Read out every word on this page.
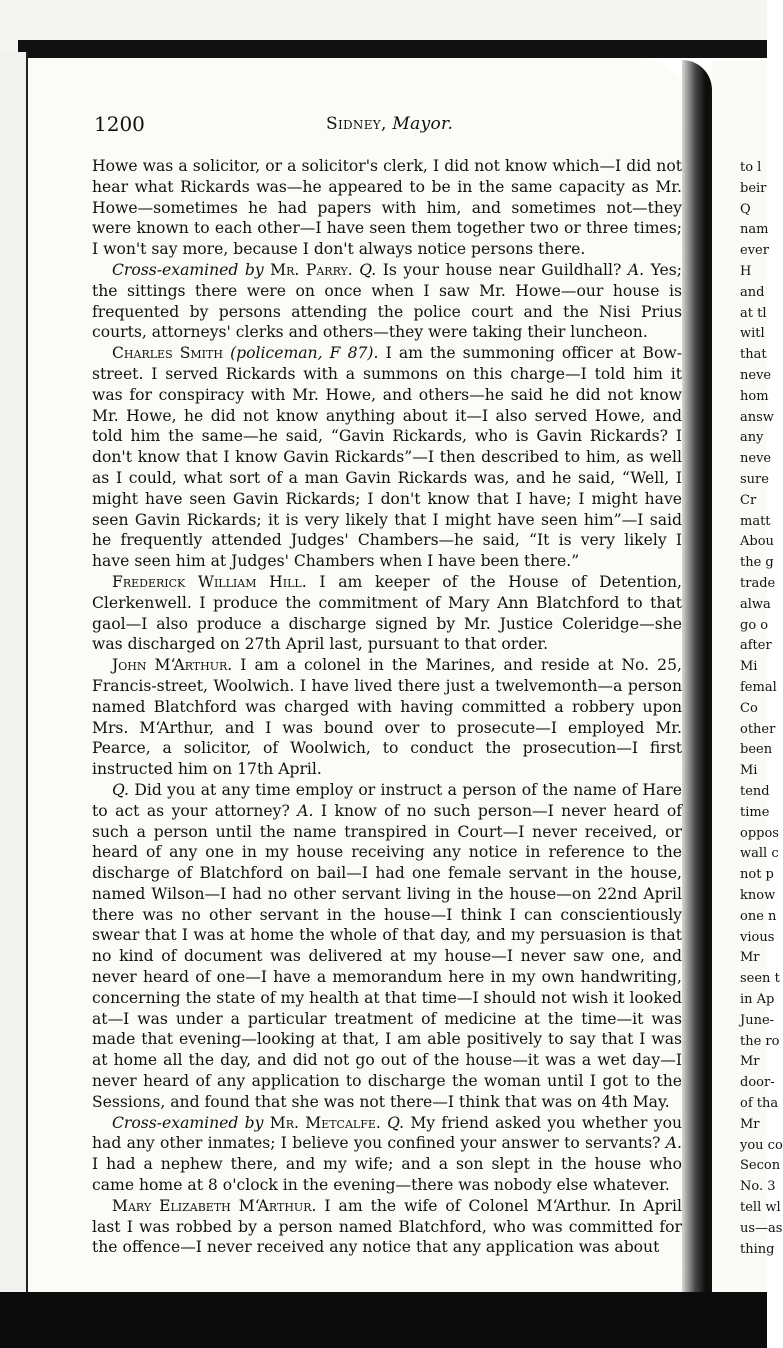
to l
beir
Q
nam
ever
H
and
at tl
witl
that
neve
hom
answ
any
neve
sure
Cr
matt
Abou
the g
trade
alwa
go o
after
Mi
femal
Co
other
been
Mi
tend
time
oppos
wall c
not p
know
one n
vious
Mr
seen t
in Ap
June-
the ro
Mr
door-
of tha
Mr
you co
Secon
No. 3
tell wl
us—as
thing
1200	Sidney, Mayor.

Howe was a solicitor, or a solicitor's clerk, I did not know which—I did not hear what Rickards was—he appeared to be in the same capacity as Mr. Howe—sometimes he had papers with him, and sometimes not—they were known to each other—I have seen them together two or three times; I won't say more, because I don't always notice persons there.

Cross-examined by Mr. Parry. Q. Is your house near Guildhall? A. Yes; the sittings there were on once when I saw Mr. Howe—our house is frequented by persons attending the police court and the Nisi Prius courts, attorneys' clerks and others—they were taking their luncheon.

Charles Smith (policeman, F 87). I am the summoning officer at Bow-street. I served Rickards with a summons on this charge—I told him it was for conspiracy with Mr. Howe, and others—he said he did not know Mr. Howe, he did not know anything about it—I also served Howe, and told him the same—he said, “Gavin Rickards, who is Gavin Rickards? I don't know that I know Gavin Rickards”—I then described to him, as well as I could, what sort of a man Gavin Rickards was, and he said, “Well, I might have seen Gavin Rickards; I don't know that I have; I might have seen Gavin Rickards; it is very likely that I might have seen him”—I said he frequently attended Judges' Chambers—he said, “It is very likely I have seen him at Judges' Chambers when I have been there.”

Frederick William Hill. I am keeper of the House of Detention, Clerkenwell. I produce the commitment of Mary Ann Blatchford to that gaol—I also produce a discharge signed by Mr. Justice Coleridge—she was discharged on 27th April last, pursuant to that order.

John M‘Arthur. I am a colonel in the Marines, and reside at No. 25, Francis-street, Woolwich. I have lived there just a twelvemonth—a person named Blatchford was charged with having committed a robbery upon Mrs. M‘Arthur, and I was bound over to prosecute—I employed Mr. Pearce, a solicitor, of Woolwich, to conduct the prosecution—I first instructed him on 17th April.

Q. Did you at any time employ or instruct a person of the name of Hare to act as your attorney? A. I know of no such person—I never heard of such a person until the name transpired in Court—I never received, or heard of any one in my house receiving any notice in reference to the discharge of Blatchford on bail—I had one female servant in the house, named Wilson—I had no other servant living in the house—on 22nd April there was no other servant in the house—I think I can conscientiously swear that I was at home the whole of that day, and my persuasion is that no kind of document was delivered at my house—I never saw one, and never heard of one—I have a memorandum here in my own handwriting, concerning the state of my health at that time—I should not wish it looked at—I was under a particular treatment of medicine at the time—it was made that evening—looking at that, I am able positively to say that I was at home all the day, and did not go out of the house—it was a wet day—I never heard of any application to discharge the woman until I got to the Sessions, and found that she was not there—I think that was on 4th May.

Cross-examined by Mr. Metcalfe. Q. My friend asked you whether you had any other inmates; I believe you confined your answer to servants? A. I had a nephew there, and my wife; and a son slept in the house who came home at 8 o'clock in the evening—there was nobody else whatever.

Mary Elizabeth M‘Arthur. I am the wife of Colonel M‘Arthur. In April last I was robbed by a person named Blatchford, who was committed for the offence—I never received any notice that any application was about
